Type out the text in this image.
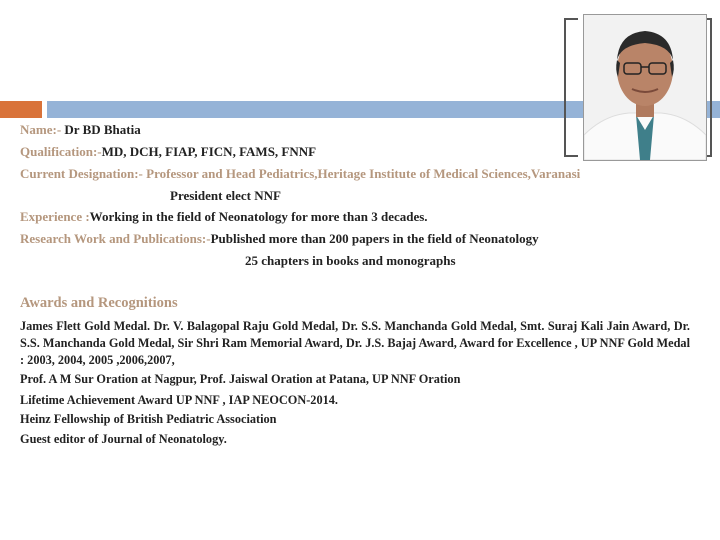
Name:- Dr BD Bhatia
Qualification:-MD, DCH, FIAP, FICN, FAMS, FNNF
Current Designation:- Professor and Head Pediatrics,Heritage Institute of Medical Sciences,Varanasi
President elect NNF
Experience :Working in the field of Neonatology for more than 3 decades.
Research Work and Publications:-Published more than 200 papers in the field of Neonatology
25 chapters in books and monographs
Awards and Recognitions
James Flett Gold Medal. Dr. V. Balagopal Raju Gold Medal, Dr. S.S. Manchanda Gold Medal, Smt. Suraj Kali Jain Award, Dr. S.S. Manchanda Gold Medal, Sir Shri Ram Memorial Award, Dr. J.S. Bajaj Award, Award for Excellence , UP NNF Gold Medal : 2003, 2004, 2005 ,2006,2007,
Prof. A M Sur Oration at Nagpur, Prof. Jaiswal Oration at Patana, UP NNF Oration
Lifetime Achievement Award UP NNF , IAP NEOCON-2014.
Heinz Fellowship of British Pediatric Association
Guest editor of Journal of Neonatology.
